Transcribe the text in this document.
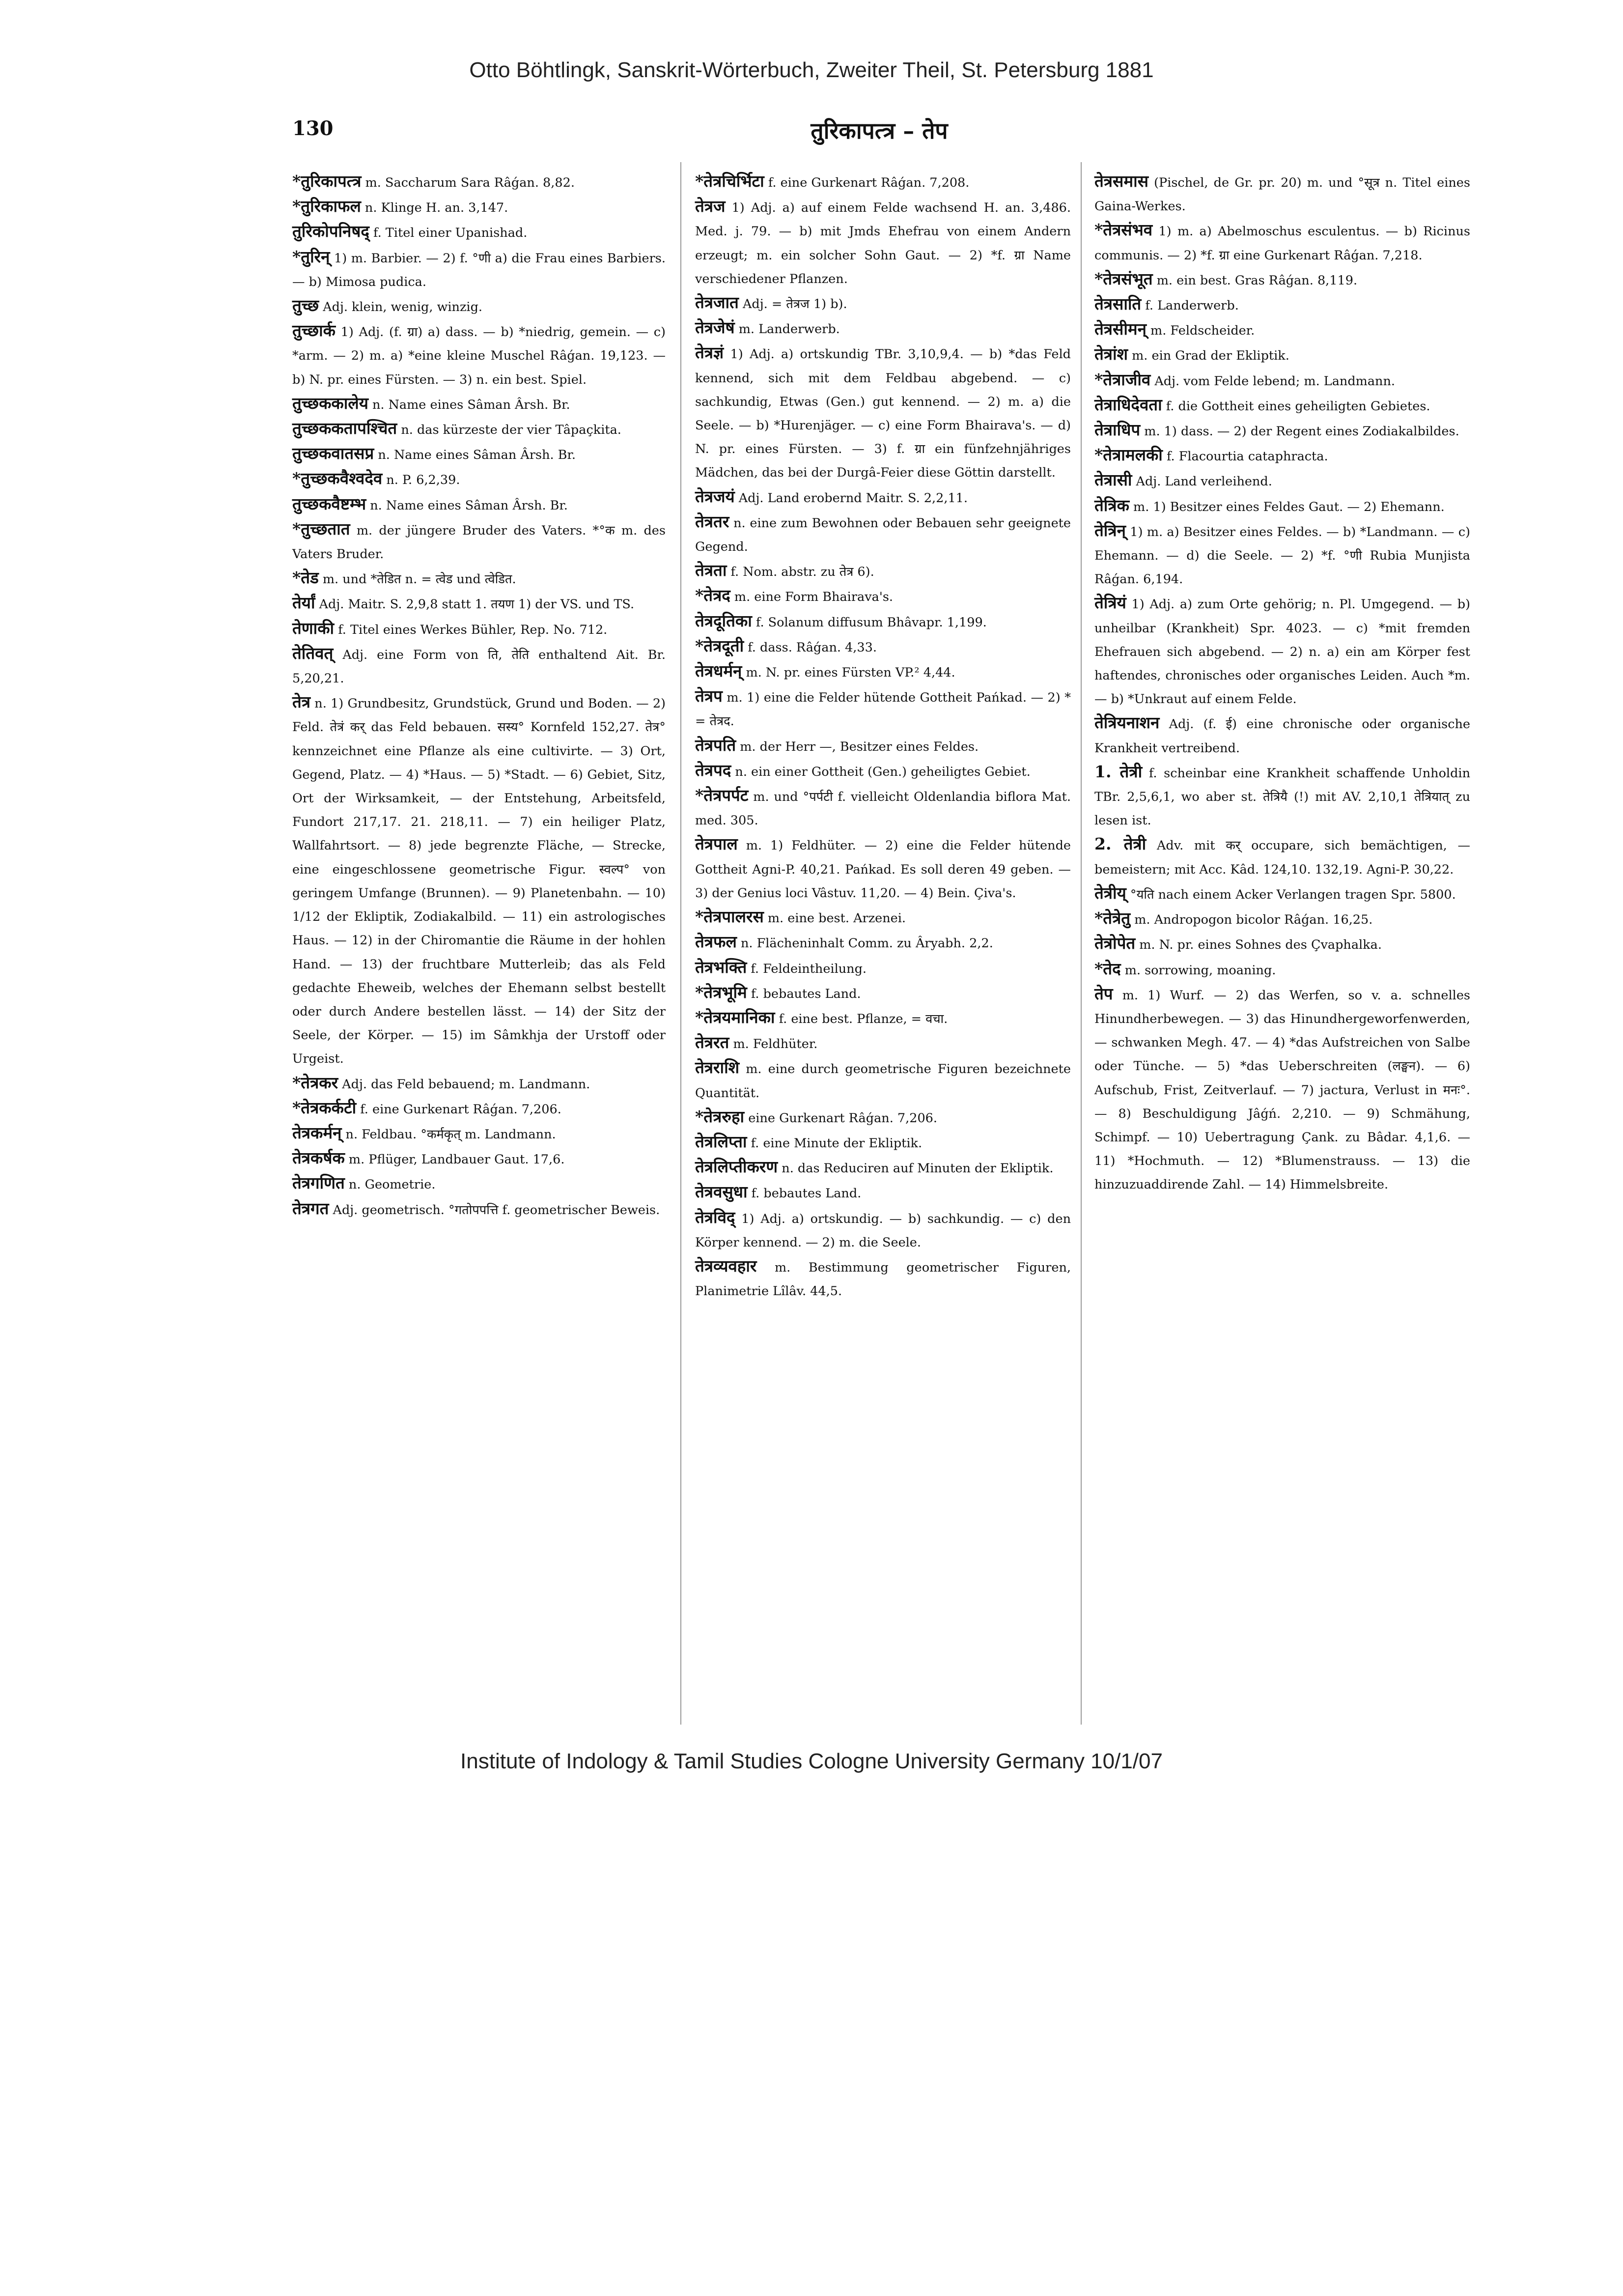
Otto Böhtlingk, Sanskrit-Wörterbuch, Zweiter Theil, St. Petersburg 1881
130	तुरिकापत्त्र – तेप

*तुरिकापत्त्र m. Saccharum Sara Râǵan. 8,82.

*तुरिकाफल n. Klinge H. an. 3,147.

तुरिकोपनिषद् f. Titel einer Upanishad.

*तुरिन् 1) m. Barbier. — 2) f. °णी a) die Frau eines Barbiers. — b) Mimosa pudica.

तुच्छ Adj. klein, wenig, winzig.

तुच्छार्क 1) Adj. (f. ग्रा) a) dass. — b) *niedrig, gemein. — c) *arm. — 2) m. a) *eine kleine Muschel Râǵan. 19,123. — b) N. pr. eines Fürsten. — 3) n. ein best. Spiel.

तुच्छककालेय n. Name eines Sâman Ârsh. Br.

तुच्छककतापश्चित n. das kürzeste der vier Tâpaçkita.

तुच्छकवातसप्र n. Name eines Sâman Ârsh. Br.

*तुच्छकवैश्वदेव n. P. 6,2,39.

तुच्छकवैष्टम्भ n. Name eines Sâman Ârsh. Br.

*तुच्छतात m. der jüngere Bruder des Vaters. *°क m. des Vaters Bruder.

*तेड m. und *तेडित n. = त्वेड und त्वेडित.

तेर्यां Adj. Maitr. S. 2,9,8 statt 1. तयण 1) der VS. und TS.

तेणाकी f. Titel eines Werkes Bühler, Rep. No. 712.

तेतिवत् Adj. eine Form von ति, तेति enthaltend Ait. Br. 5,20,21.

तेत्र n. 1) Grundbesitz, Grundstück, Grund und Boden. — 2) Feld. तेत्रं कर् das Feld bebauen. सस्य° Kornfeld 152,27. तेत्र° kennzeichnet eine Pflanze als eine cultivirte. — 3) Ort, Gegend, Platz. — 4) *Haus. — 5) *Stadt. — 6) Gebiet, Sitz, Ort der Wirksamkeit, — der Entstehung, Arbeitsfeld, Fundort 217,17. 21. 218,11. — 7) ein heiliger Platz, Wallfahrtsort. — 8) jede begrenzte Fläche, — Strecke, eine eingeschlossene geometrische Figur. स्वल्प° von geringem Umfange (Brunnen). — 9) Planetenbahn. — 10) 1/12 der Ekliptik, Zodiakalbild. — 11) ein astrologisches Haus. — 12) in der Chiromantie die Räume in der hohlen Hand. — 13) der fruchtbare Mutterleib; das als Feld gedachte Eheweib, welches der Ehemann selbst bestellt oder durch Andere bestellen lässt. — 14) der Sitz der Seele, der Körper. — 15) im Sâmkhja der Urstoff oder Urgeist.

*तेत्रकर Adj. das Feld bebauend; m. Landmann.

*तेत्रकर्कटी f. eine Gurkenart Râǵan. 7,206.

तेत्रकर्मन् n. Feldbau. °कर्मकृत् m. Landmann.

तेत्रकर्षक m. Pflüger, Landbauer Gaut. 17,6.

तेत्रगणित n. Geometrie.

तेत्रगत Adj. geometrisch. °गतोपपत्ति f. geometrischer Beweis.

*तेत्रचिर्भिटा f. eine Gurkenart Râǵan. 7,208.

तेत्रज 1) Adj. a) auf einem Felde wachsend H. an. 3,486. Med. j. 79. — b) mit Jmds Ehefrau von einem Andern erzeugt; m. ein solcher Sohn Gaut. — 2) *f. ग्रा Name verschiedener Pflanzen.

तेत्रजात Adj. = तेत्रज 1) b).

तेत्रजेषं m. Landerwerb.

तेत्रज्ञं 1) Adj. a) ortskundig TBr. 3,10,9,4. — b) *das Feld kennend, sich mit dem Feldbau abgebend. — c) sachkundig, Etwas (Gen.) gut kennend. — 2) m. a) die Seele. — b) *Hurenjäger. — c) eine Form Bhairava's. — d) N. pr. eines Fürsten. — 3) f. ग्रा ein fünfzehnjähriges Mädchen, das bei der Durgâ-Feier diese Göttin darstellt.

तेत्रजयं Adj. Land erobernd Maitr. S. 2,2,11.

तेत्रतर n. eine zum Bewohnen oder Bebauen sehr geeignete Gegend.

तेत्रता f. Nom. abstr. zu तेत्र 6).

*तेत्रद m. eine Form Bhairava's.

तेत्रदूतिका f. Solanum diffusum Bhâvapr. 1,199.

*तेत्रदूती f. dass. Râǵan. 4,33.

तेत्रधर्मन् m. N. pr. eines Fürsten VP.² 4,44.

तेत्रप m. 1) eine die Felder hütende Gottheit Pańkad. — 2) * = तेत्रद.

तेत्रपति m. der Herr —, Besitzer eines Feldes.

तेत्रपद n. ein einer Gottheit (Gen.) geheiligtes Gebiet.

*तेत्रपर्पट m. und °पर्पटी f. vielleicht Oldenlandia biflora Mat. med. 305.

तेत्रपाल m. 1) Feldhüter. — 2) eine die Felder hütende Gottheit Agni-P. 40,21. Pańkad. Es soll deren 49 geben. — 3) der Genius loci Vâstuv. 11,20. — 4) Bein. Çiva's.

*तेत्रपालरस m. eine best. Arzenei.

तेत्रफल n. Flächeninhalt Comm. zu Âryabh. 2,2.

तेत्रभक्ति f. Feldeintheilung.

*तेत्रभूमि f. bebautes Land.

*तेत्रयमानिका f. eine best. Pflanze, = वचा.

तेत्ररत m. Feldhüter.

तेत्रराशि m. eine durch geometrische Figuren bezeichnete Quantität.

*तेत्ररुहा eine Gurkenart Râǵan. 7,206.

तेत्रलिप्ता f. eine Minute der Ekliptik.

तेत्रलिप्तीकरण n. das Reduciren auf Minuten der Ekliptik.

तेत्रवसुधा f. bebautes Land.

तेत्रविद् 1) Adj. a) ortskundig. — b) sachkundig. — c) den Körper kennend. — 2) m. die Seele.

तेत्रव्यवहार m. Bestimmung geometrischer Figuren, Planimetrie Lîlâv. 44,5.

तेत्रसमास (Pischel, de Gr. pr. 20) m. und °सूत्र n. Titel eines Gaina-Werkes.

*तेत्रसंभव 1) m. a) Abelmoschus esculentus. — b) Ricinus communis. — 2) *f. ग्रा eine Gurkenart Râǵan. 7,218.

*तेत्रसंभूत m. ein best. Gras Râǵan. 8,119.

तेत्रसाति f. Landerwerb.

तेत्रसीमन् m. Feldscheider.

तेत्रांश m. ein Grad der Ekliptik.

*तेत्राजीव Adj. vom Felde lebend; m. Landmann.

तेत्राधिदेवता f. die Gottheit eines geheiligten Gebietes.

तेत्राधिप m. 1) dass. — 2) der Regent eines Zodiakalbildes.

*तेत्रामलकी f. Flacourtia cataphracta.

तेत्रासी Adj. Land verleihend.

तेत्रिक m. 1) Besitzer eines Feldes Gaut. — 2) Ehemann.

तेत्रिन् 1) m. a) Besitzer eines Feldes. — b) *Landmann. — c) Ehemann. — d) die Seele. — 2) *f. °णी Rubia Munjista Râǵan. 6,194.

तेत्रियं 1) Adj. a) zum Orte gehörig; n. Pl. Umgegend. — b) unheilbar (Krankheit) Spr. 4023. — c) *mit fremden Ehefrauen sich abgebend. — 2) n. a) ein am Körper fest haftendes, chronisches oder organisches Leiden. Auch *m. — b) *Unkraut auf einem Felde.

तेत्रियनाशन Adj. (f. ई) eine chronische oder organische Krankheit vertreibend.

1. तेत्री f. scheinbar eine Krankheit schaffende Unholdin TBr. 2,5,6,1, wo aber st. तेत्रियै (!) mit AV. 2,10,1 तेत्रियात् zu lesen ist.

2. तेत्री Adv. mit कर् occupare, sich bemächtigen, — bemeistern; mit Acc. Kâd. 124,10. 132,19. Agni-P. 30,22.

तेत्रीय् °यति nach einem Acker Verlangen tragen Spr. 5800.

*तेत्रेतु m. Andropogon bicolor Râǵan. 16,25.

तेत्रोपेत m. N. pr. eines Sohnes des Çvaphalka.

*तेद m. sorrowing, moaning.

तेप m. 1) Wurf. — 2) das Werfen, so v. a. schnelles Hinundherbewegen. — 3) das Hinundhergeworfenwerden, — schwanken Megh. 47. — 4) *das Aufstreichen von Salbe oder Tünche. — 5) *das Ueberschreiten (लङ्घन). — 6) Aufschub, Frist, Zeitverlauf. — 7) jactura, Verlust in मनः°. — 8) Beschuldigung Jâǵń. 2,210. — 9) Schmähung, Schimpf. — 10) Uebertragung Çank. zu Bâdar. 4,1,6. — 11) *Hochmuth. — 12) *Blumenstrauss. — 13) die hinzuzuaddirende Zahl. — 14) Himmelsbreite.

Institute of Indology & Tamil Studies Cologne University Germany 10/1/07
